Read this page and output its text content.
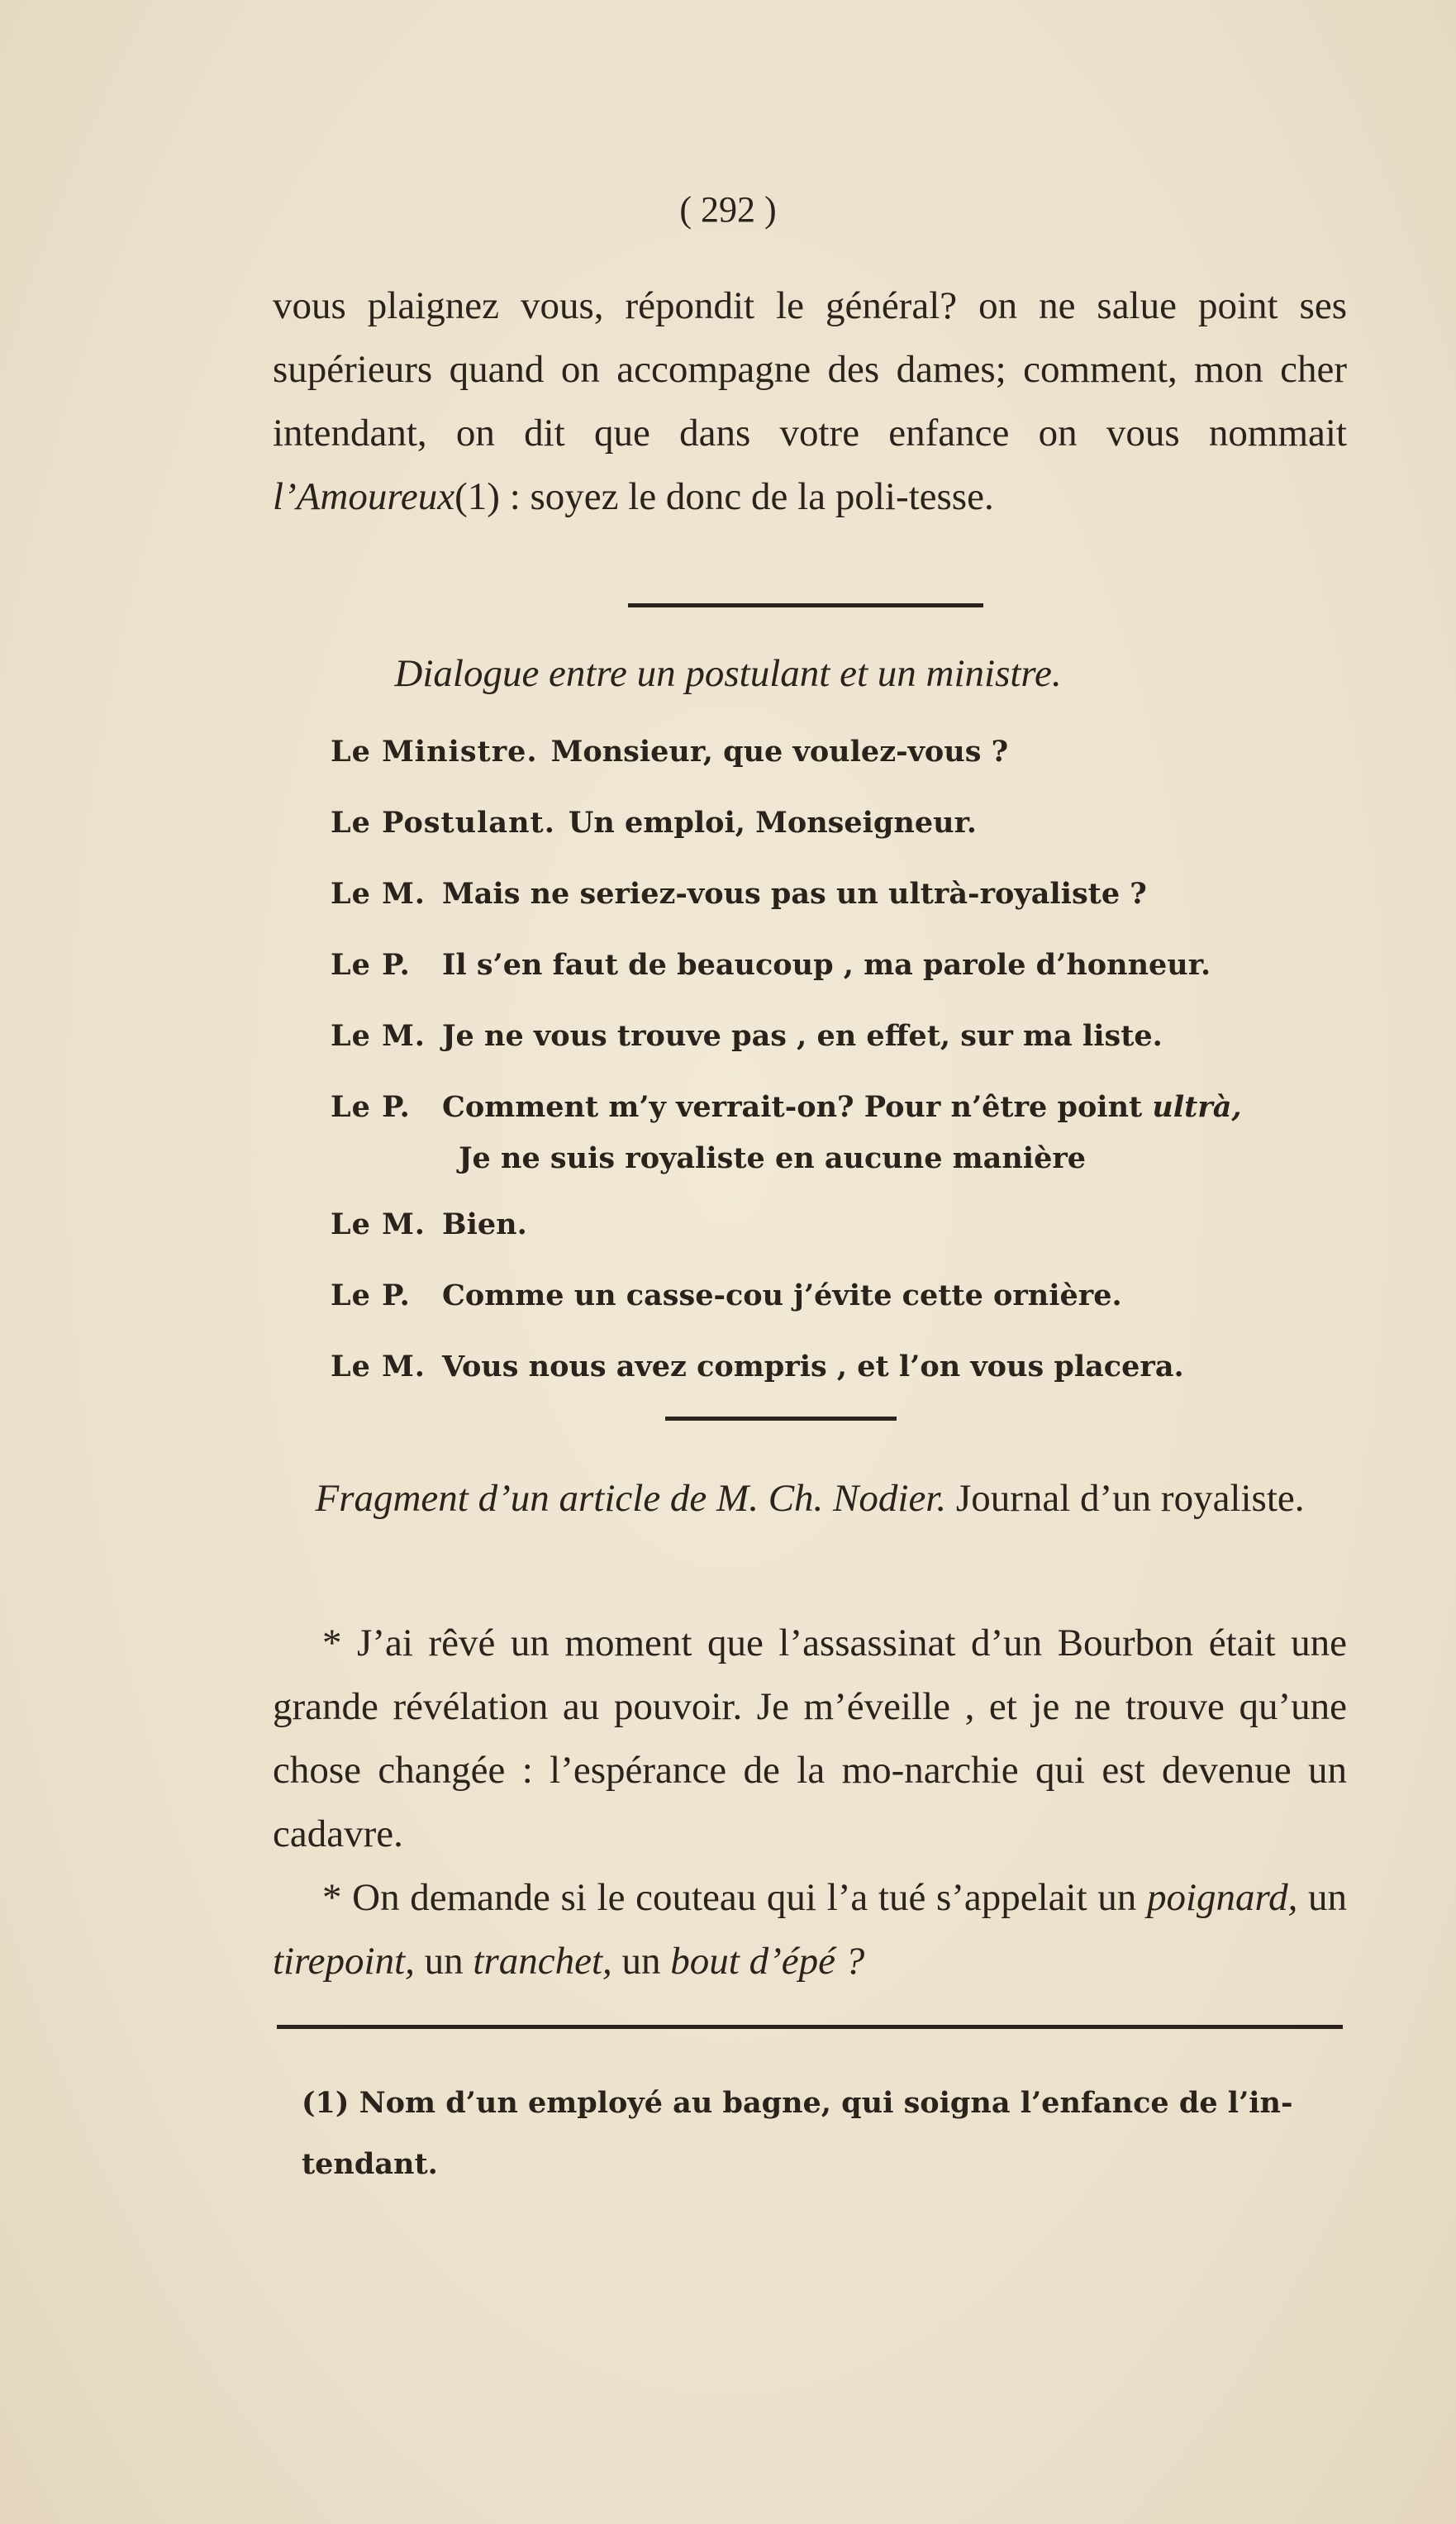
( 292 )

vous plaignez vous, répondit le général? on ne salue point ses supérieurs quand on accompagne des dames; comment, mon cher intendant, on dit que dans votre enfance on vous nommait l’Amoureux(1) : soyez le donc de la poli-tesse.

Dialogue entre un postulant et un ministre.
Le Ministre. Monsieur, que voulez-vous ?
Le Postulant. Un emploi, Monseigneur.
Le M. Mais ne seriez-vous pas un ultrà-royaliste ?
Le P. Il s’en faut de beaucoup , ma parole d’honneur.
Le M. Je ne vous trouve pas , en effet, sur ma liste.
Le P. Comment m’y verrait-on? Pour n’être point ultrà,
Je ne suis royaliste en aucune manière
Le M. Bien.
Le P. Comme un casse-cou j’évite cette ornière.
Le M. Vous nous avez compris , et l’on vous placera.
Fragment d’un article de M. Ch. Nodier. Journal d’un royaliste.

* J’ai rêvé un moment que l’assassinat d’un Bourbon était une grande révélation au pouvoir. Je m’éveille , et je ne trouve qu’une chose changée : l’espérance de la mo-narchie qui est devenue un cadavre.

* On demande si le couteau qui l’a tué s’appelait un poignard, un tirepoint, un tranchet, un bout d’épé ?

(1) Nom d’un employé au bagne, qui soigna l’enfance de l’in-tendant.
